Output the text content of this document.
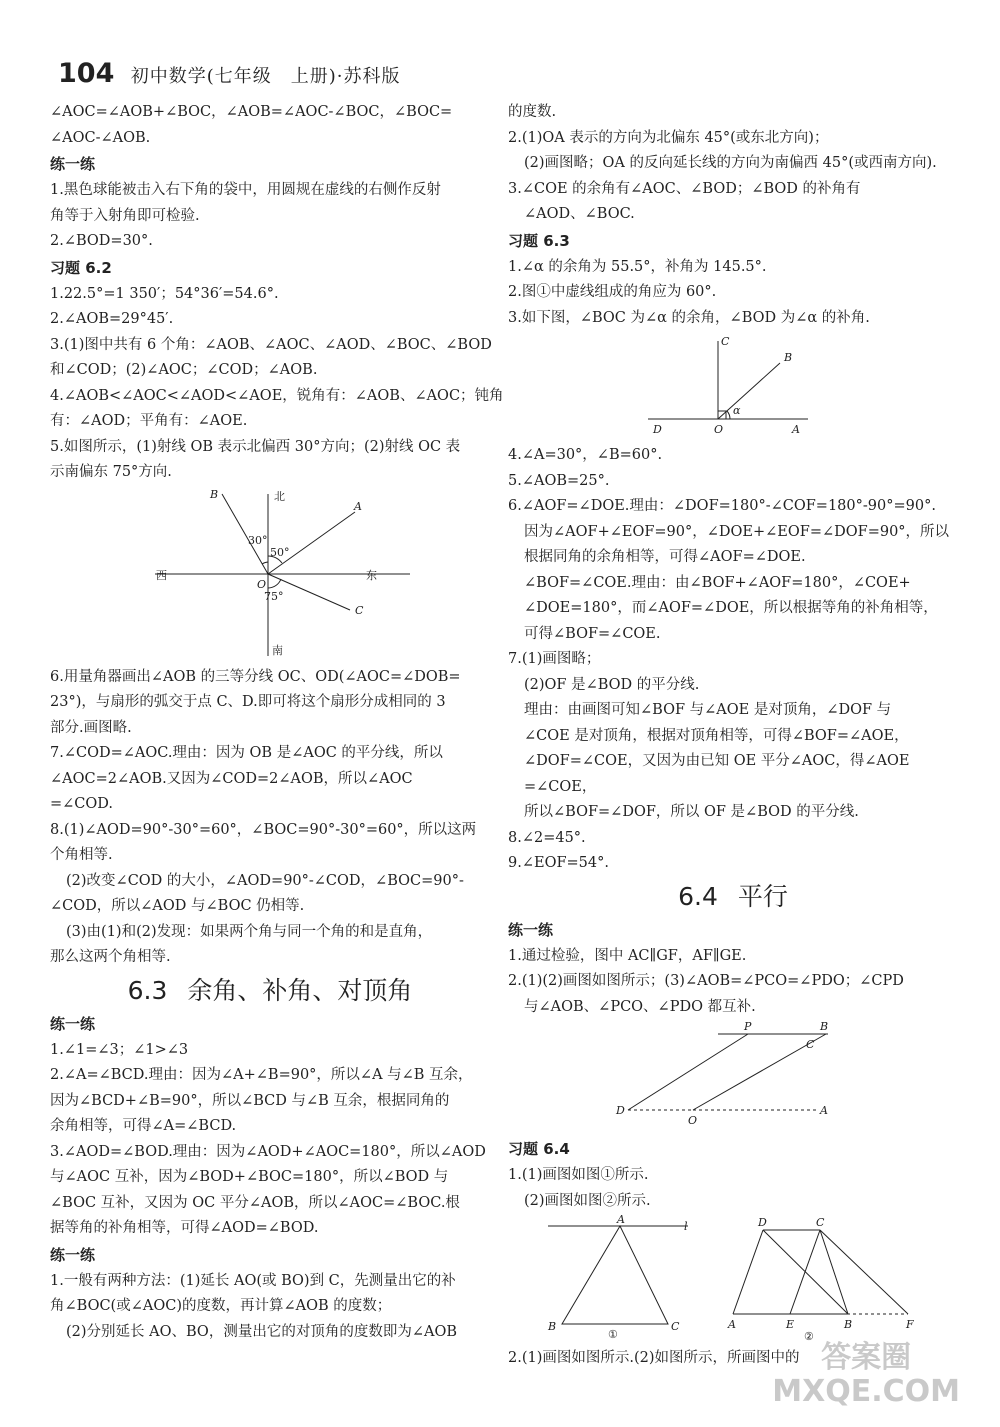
104 初中数学(七年级　上册)·苏科版
∠AOC=∠AOB+∠BOC，∠AOB=∠AOC-∠BOC，∠BOC=
∠AOC-∠AOB.
练一练
1.黑色球能被击入右下角的袋中，用圆规在虚线的右侧作反射
角等于入射角即可检验.
2.∠BOD=30°.
习题 6.2
1.22.5°=1 350′；54°36′=54.6°.
2.∠AOB=29°45′.
3.(1)图中共有 6 个角：∠AOB、∠AOC、∠AOD、∠BOC、∠BOD
和∠COD；(2)∠AOC；∠COD；∠AOB.
4.∠AOB<∠AOC<∠AOD<∠AOE，锐角有：∠AOB、∠AOC；钝角
有：∠AOD；平角有：∠AOE.
5.如图所示，(1)射线 OB 表示北偏西 30°方向；(2)射线 OC 表
示南偏东 75°方向.
北
南
西	东
B
A
C
O
30°
50°
75°
6.用量角器画出∠AOB 的三等分线 OC、OD(∠AOC=∠DOB=
23°)，与扇形的弧交于点 C、D.即可将这个扇形分成相同的 3
部分.画图略.
7.∠COD=∠AOC.理由：因为 OB 是∠AOC 的平分线，所以
∠AOC=2∠AOB.又因为∠COD=2∠AOB，所以∠AOC
=∠COD.
8.(1)∠AOD=90°-30°=60°，∠BOC=90°-30°=60°，所以这两
个角相等.
(2)改变∠COD 的大小，∠AOD=90°-∠COD，∠BOC=90°-
∠COD，所以∠AOD 与∠BOC 仍相等.
(3)由(1)和(2)发现：如果两个角与同一个角的和是直角，
那么这两个角相等.
6.3 余角、补角、对顶角
练一练
1.∠1=∠3；∠1>∠3
2.∠A=∠BCD.理由：因为∠A+∠B=90°，所以∠A 与∠B 互余，
因为∠BCD+∠B=90°，所以∠BCD 与∠B 互余，根据同角的
余角相等，可得∠A=∠BCD.
3.∠AOD=∠BOD.理由：因为∠AOD+∠AOC=180°，所以∠AOD
与∠AOC 互补，因为∠BOD+∠BOC=180°，所以∠BOD 与
∠BOC 互补，又因为 OC 平分∠AOB，所以∠AOC=∠BOC.根
据等角的补角相等，可得∠AOD=∠BOD.
练一练
1.一般有两种方法：(1)延长 AO(或 BO)到 C，先测量出它的补
角∠BOC(或∠AOC)的度数，再计算∠AOB 的度数；
(2)分别延长 AO、BO，测量出它的对顶角的度数即为∠AOB
的度数.
2.(1)OA 表示的方向为北偏东 45°(或东北方向)；
(2)画图略；OA 的反向延长线的方向为南偏西 45°(或西南方向).
3.∠COE 的余角有∠AOC、∠BOD；∠BOD 的补角有
∠AOD、∠BOC.
习题 6.3
1.∠α 的余角为 55.5°，补角为 145.5°.
2.图①中虚线组成的角应为 60°.
3.如下图，∠BOC 为∠α 的余角，∠BOD 为∠α 的补角.
C
B
α
D	O	A
4.∠A=30°，∠B=60°.
5.∠AOB=25°.
6.∠AOF=∠DOE.理由：∠DOF=180°-∠COF=180°-90°=90°.
因为∠AOF+∠EOF=90°，∠DOE+∠EOF=∠DOF=90°，所以
根据同角的余角相等，可得∠AOF=∠DOE.
∠BOF=∠COE.理由：由∠BOF+∠AOF=180°，∠COE+
∠DOE=180°，而∠AOF=∠DOE，所以根据等角的补角相等，
可得∠BOF=∠COE.
7.(1)画图略；
(2)OF 是∠BOD 的平分线.
理由：由画图可知∠BOF 与∠AOE 是对顶角，∠DOF 与
∠COE 是对顶角，根据对顶角相等，可得∠BOF=∠AOE，
∠DOF=∠COE，又因为由已知 OE 平分∠AOC，得∠AOE
=∠COE，
所以∠BOF=∠DOF，所以 OF 是∠BOD 的平分线.
8.∠2=45°.
9.∠EOF=54°.
6.4 平行
练一练
1.通过检验，图中 AC∥GF，AF∥GE.
2.(1)(2)画图如图所示；(3)∠AOB=∠PCO=∠PDO；∠CPD
与∠AOB、∠PCO、∠PDO 都互补.
P	B
C
D
O
A
习题 6.4
1.(1)画图如图①所示.
(2)画图如图②所示.
A
l
B	C
①
D	C
A	E	B	F
②
2.(1)画图如图所示.(2)如图所示，所画图中的 答案圈
MXQE.COM
